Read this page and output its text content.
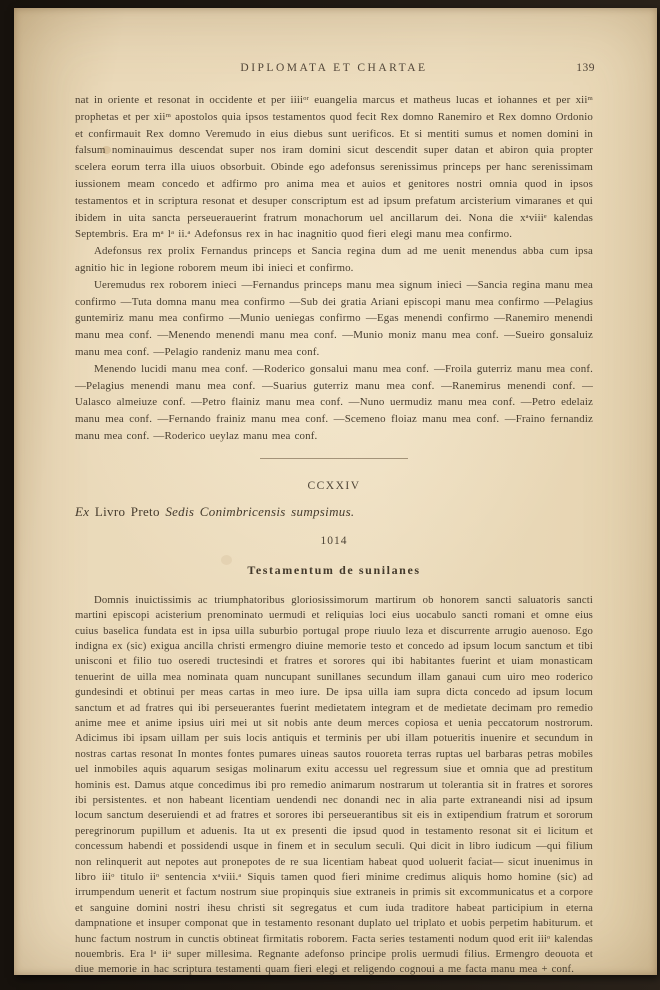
DIPLOMATA ET CHARTAE	139

nat in oriente et resonat in occidente et per iiiiᵒʳ euangelia marcus et matheus lucas et iohannes et per xiiᵐ prophetas et per xiiᵐ apostolos quia ipsos testamentos quod fecit Rex domno Ranemiro et Rex domno Ordonio et confirmauit Rex domno Veremudo in eius diebus sunt uerificos. Et si mentiti sumus et nomen domini in falsum nominauimus descendat super nos iram domini sicut descendit super datan et abiron quia propter scelera eorum terra illa uiuos obsorbuit. Obinde ego adefonsus serenissimus princeps per hanc serenissimam iussionem meam concedo et adfirmo pro anima mea et auios et genitores nostri omnia quod in ipsos testamentos et in scriptura resonat et desuper conscriptum est ad ipsum prefatum arcisterium vimaranes et qui ibidem in uita sancta perseuerauerint fratrum monachorum uel ancillarum dei. Nona die xᵃviiiᵉ kalendas Septembris. Era mᵃ lᵃ ii.ᵃ Adefonsus rex in hac inagnitio quod fieri elegi manu mea confirmo.

Adefonsus rex prolix Fernandus princeps et Sancia regina dum ad me uenit menendus abba cum ipsa agnitio hic in legione roborem meum ibi inieci et confirmo.

Ueremudus rex roborem inieci —Fernandus princeps manu mea signum inieci —Sancia regina manu mea confirmo —Tuta domna manu mea confirmo —Sub dei gratia Ariani episcopi manu mea confirmo —Pelagius guntemiriz manu mea confirmo —Munio ueniegas confirmo —Egas menendi confirmo —Ranemiro menendi manu mea conf. —Menendo menendi manu mea conf. —Munio moniz manu mea conf. —Sueiro gonsaluiz manu mea conf. —Pelagio randeniz manu mea conf.

Menendo lucidi manu mea conf. —Roderico gonsalui manu mea conf. —Froila guterriz manu mea conf. —Pelagius menendi manu mea conf. —Suarius guterriz manu mea conf. —Ranemirus menendi conf. —Ualasco almeiuze conf. —Petro flainiz manu mea conf. —Nuno uermudiz manu mea conf. —Petro edelaiz manu mea conf. —Fernando frainiz manu mea conf. —Scemeno floiaz manu mea conf. —Fraino fernandiz manu mea conf. —Roderico ueylaz manu mea conf.

CCXXIV
Ex Livro Preto Sedis Conimbricensis sumpsimus.
1014
Testamentum de sunilanes

Domnis inuictissimis ac triumphatoribus gloriosissimorum martirum ob honorem sancti saluatoris sancti martini episcopi acisterium prenominato uermudi et reliquias loci eius uocabulo sancti romani et omne eius cuius baselica fundata est in ipsa uilla suburbio portugal prope riuulo leza et discurrente arrugio auenoso. Ego indigna ex (sic) exigua ancilla christi ermengro diuine memorie testo et concedo ad ipsum locum sanctum et tibi unisconi et filio tuo oseredi tructesindi et fratres et sorores qui ibi habitantes fuerint et uiam monasticam tenuerint de uilla mea nominata quam nuncupant sunillanes secundum illam ganaui cum uiro meo roderico gundesindi et obtinui per meas cartas in meo iure. De ipsa uilla iam supra dicta concedo ad ipsum locum sanctum et ad fratres qui ibi perseuerantes fuerint medietatem integram et de medietate decimam pro remedio anime mee et anime ipsius uiri mei ut sit nobis ante deum merces copiosa et uenia peccatorum nostrorum. Adicimus ibi ipsam uillam per suis locis antiquis et terminis per ubi illam potueritis inuenire et secundum in nostras cartas resonat In montes fontes pumares uineas sautos rouoreta terras ruptas uel barbaras petras mobiles uel inmobiles aquis aquarum sesigas molinarum exitu accessu uel regressum siue et omnia que ad prestitum hominis est. Damus atque concedimus ibi pro remedio animarum nostrarum ut tolerantia sit in fratres et sorores ibi persistentes. et non habeant licentiam uendendi nec donandi nec in alia parte extraneandi nisi ad ipsum locum sanctum deseruiendi et ad fratres et sorores ibi perseuerantibus sit eis in extipendium fratrum et sororum peregrinorum pupillum et aduenis. Ita ut ex presenti die ipsud quod in testamento resonat sit ei licitum et concessum habendi et possidendi usque in finem et in seculum seculi. Qui dicit in libro iudicum —qui filium non relinquerit aut nepotes aut pronepotes de re sua licentiam habeat quod uoluerit faciat— sicut inuenimus in libro iiiᵒ titulo iiᵒ sentencia xᵃviii.ᵃ Siquis tamen quod fieri minime credimus aliquis homo homine (sic) ad irrumpendum uenerit et factum nostrum siue propinquis siue extraneis in primis sit excommunicatus et a corpore et sanguine domini nostri ihesu christi sit segregatus et cum iuda traditore habeat participium in eterna dampnatione et insuper componat que in testamento resonant duplato uel triplato et uobis perpetim habiturum. et hunc factum nostrum in cunctis obtineat firmitatis roborem. Facta series testamenti nodum quod erit iiiᵒ kalendas nouembris. Era lᵃ iiᵃ super millesima. Regnante adefonso principe prolis uermudi filius. Ermengro deouota et diue memorie in hac scriptura testamenti quam fieri elegi et religendo cognoui a me facta manu mea + conf.
